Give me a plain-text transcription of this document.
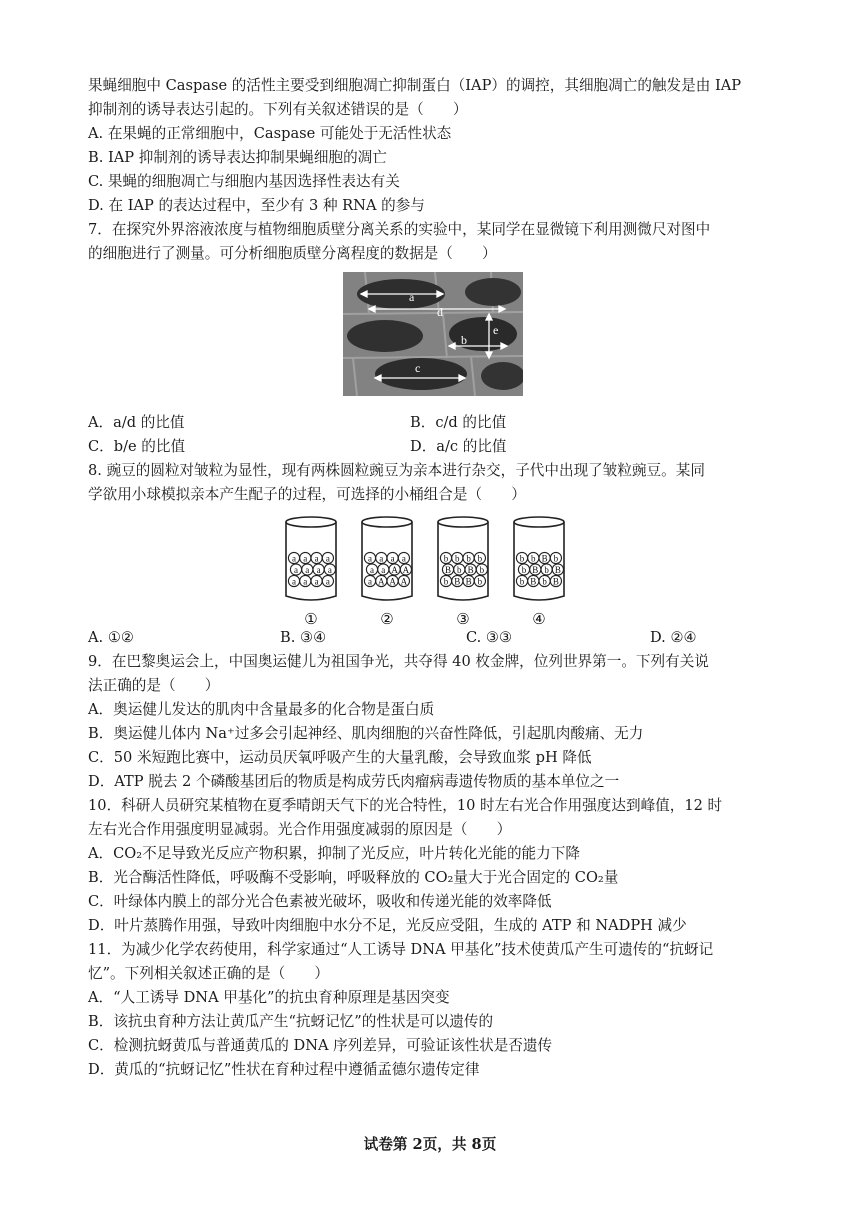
果蝇细胞中 Caspase 的活性主要受到细胞凋亡抑制蛋白（IAP）的调控，其细胞凋亡的触发是由 IAP
抑制剂的诱导表达引起的。下列有关叙述错误的是（　　）
A. 在果蝇的正常细胞中，Caspase 可能处于无活性状态
B. IAP 抑制剂的诱导表达抑制果蝇细胞的凋亡
C. 果蝇的细胞凋亡与细胞内基因选择性表达有关
D. 在 IAP 的表达过程中，至少有 3 种 RNA 的参与
7．在探究外界溶液浓度与植物细胞质壁分离关系的实验中，某同学在显微镜下利用测微尺对图中
的细胞进行了测量。可分析细胞质壁分离程度的数据是（　　）
a
d
e
b
c
A．a/d 的比值	B．c/d 的比值
C．b/e 的比值	D．a/c 的比值
8. 豌豆的圆粒对皱粒为显性，现有两株圆粒豌豆为亲本进行杂交，子代中出现了皱粒豌豆。某同
学欲用小球模拟亲本产生配子的过程，可选择的小桶组合是（　　）
a a a a
a a a a
a a a a
①
a a a a
a a A A
a A A A
②
b b b b
B b B b
b B B b
③
b b B b
b B b B
b B b B
④
A. ①②	B. ③④	C. ③③	D. ②④
9．在巴黎奥运会上，中国奥运健儿为祖国争光，共夺得 40 枚金牌，位列世界第一。下列有关说
法正确的是（　　）
A．奥运健儿发达的肌肉中含量最多的化合物是蛋白质
B．奥运健儿体内 Na⁺过多会引起神经、肌肉细胞的兴奋性降低，引起肌肉酸痛、无力
C．50 米短跑比赛中，运动员厌氧呼吸产生的大量乳酸，会导致血浆 pH 降低
D．ATP 脱去 2 个磷酸基团后的物质是构成劳氏肉瘤病毒遗传物质的基本单位之一
10．科研人员研究某植物在夏季晴朗天气下的光合特性，10 时左右光合作用强度达到峰值，12 时
左右光合作用强度明显减弱。光合作用强度减弱的原因是（　　）
A．CO₂不足导致光反应产物积累，抑制了光反应，叶片转化光能的能力下降
B．光合酶活性降低，呼吸酶不受影响，呼吸释放的 CO₂量大于光合固定的 CO₂量
C．叶绿体内膜上的部分光合色素被光破坏，吸收和传递光能的效率降低
D．叶片蒸腾作用强，导致叶肉细胞中水分不足，光反应受阻，生成的 ATP 和 NADPH 减少
11．为减少化学农药使用，科学家通过“人工诱导 DNA 甲基化”技术使黄瓜产生可遗传的“抗蚜记
忆”。下列相关叙述正确的是（　　）
A．“人工诱导 DNA 甲基化”的抗虫育种原理是基因突变
B．该抗虫育种方法让黄瓜产生“抗蚜记忆”的性状是可以遗传的
C．检测抗蚜黄瓜与普通黄瓜的 DNA 序列差异，可验证该性状是否遗传
D．黄瓜的“抗蚜记忆”性状在育种过程中遵循孟德尔遗传定律
试卷第 2页，共 8页
